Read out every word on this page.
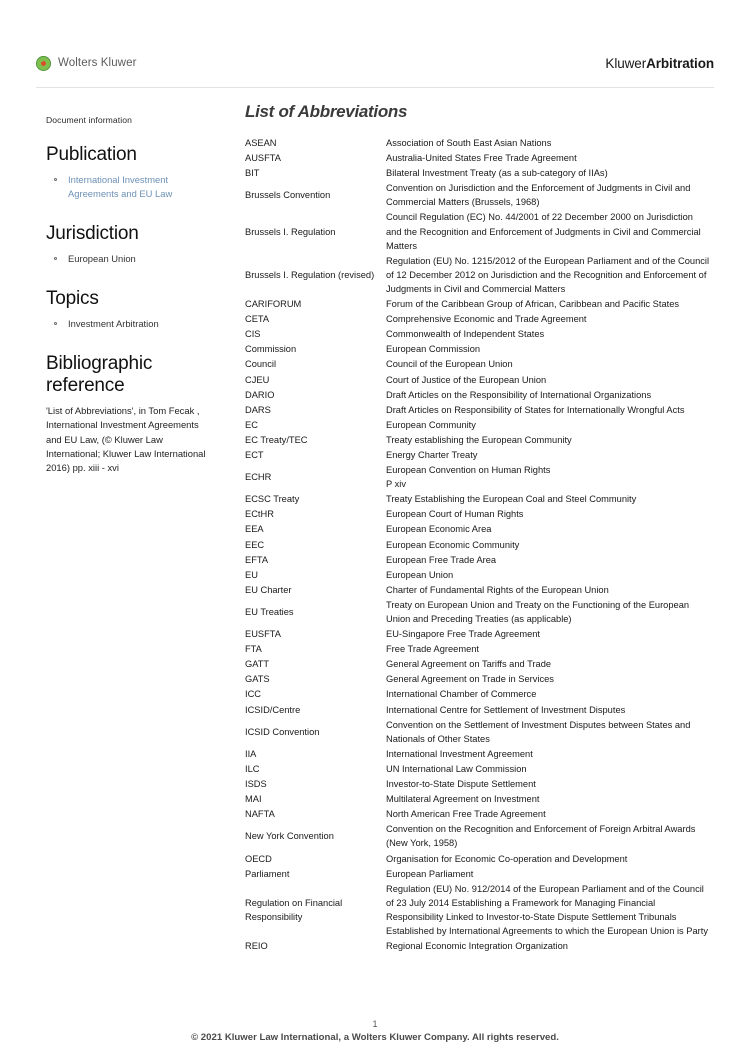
Wolters Kluwer	KluwerArbitration
Document information
Publication
International Investment Agreements and EU Law
Jurisdiction
European Union
Topics
Investment Arbitration
Bibliographic reference
'List of Abbreviations', in Tom Fecak , International Investment Agreements and EU Law, (© Kluwer Law International; Kluwer Law International 2016) pp. xiii - xvi
List of Abbreviations
ASEAN	Association of South East Asian Nations
AUSFTA	Australia-United States Free Trade Agreement
BIT	Bilateral Investment Treaty (as a sub-category of IIAs)
Brussels Convention	Convention on Jurisdiction and the Enforcement of Judgments in Civil and Commercial Matters (Brussels, 1968)
Brussels I. Regulation	Council Regulation (EC) No. 44/2001 of 22 December 2000 on Jurisdiction and the Recognition and Enforcement of Judgments in Civil and Commercial Matters
Brussels I. Regulation (revised)	Regulation (EU) No. 1215/2012 of the European Parliament and of the Council of 12 December 2012 on Jurisdiction and the Recognition and Enforcement of Judgments in Civil and Commercial Matters
CARIFORUM	Forum of the Caribbean Group of African, Caribbean and Pacific States
CETA	Comprehensive Economic and Trade Agreement
CIS	Commonwealth of Independent States
Commission	European Commission
Council	Council of the European Union
CJEU	Court of Justice of the European Union
DARIO	Draft Articles on the Responsibility of International Organizations
DARS	Draft Articles on Responsibility of States for Internationally Wrongful Acts
EC	European Community
EC Treaty/TEC	Treaty establishing the European Community
ECT	Energy Charter Treaty
ECHR	European Convention on Human Rights
P xiv

ECSC Treaty	Treaty Establishing the European Coal and Steel Community
ECtHR	European Court of Human Rights
EEA	European Economic Area
EEC	European Economic Community
EFTA	European Free Trade Area
EU	European Union
EU Charter	Charter of Fundamental Rights of the European Union
EU Treaties	Treaty on European Union and Treaty on the Functioning of the European Union and Preceding Treaties (as applicable)
EUSFTA	EU-Singapore Free Trade Agreement
FTA	Free Trade Agreement
GATT	General Agreement on Tariffs and Trade
GATS	General Agreement on Trade in Services
ICC	International Chamber of Commerce
ICSID/Centre	International Centre for Settlement of Investment Disputes
ICSID Convention	Convention on the Settlement of Investment Disputes between States and Nationals of Other States
IIA	International Investment Agreement
ILC	UN International Law Commission
ISDS	Investor-to-State Dispute Settlement
MAI	Multilateral Agreement on Investment
NAFTA	North American Free Trade Agreement
New York Convention	Convention on the Recognition and Enforcement of Foreign Arbitral Awards (New York, 1958)
OECD	Organisation for Economic Co-operation and Development
Parliament	European Parliament
Regulation on Financial Responsibility	Regulation (EU) No. 912/2014 of the European Parliament and of the Council of 23 July 2014 Establishing a Framework for Managing Financial Responsibility Linked to Investor-to-State Dispute Settlement Tribunals Established by International Agreements to which the European Union is Party
REIO	Regional Economic Integration Organization
1
© 2021 Kluwer Law International, a Wolters Kluwer Company. All rights reserved.
